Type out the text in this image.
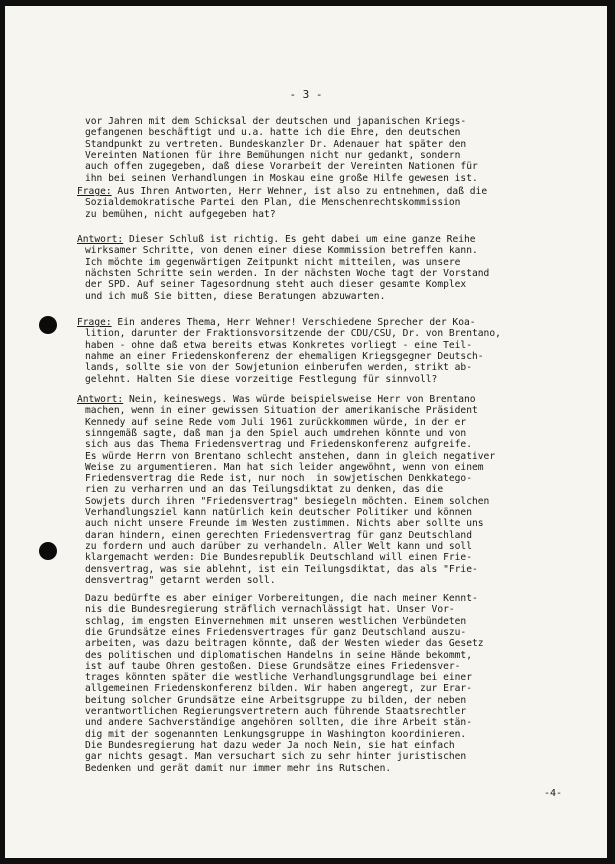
- 3 -
vor Jahren mit dem Schicksal der deutschen und japanischen Kriegs-
gefangenen beschäftigt und u.a. hatte ich die Ehre, den deutschen
Standpunkt zu vertreten. Bundeskanzler Dr. Adenauer hat später den
Vereinten Nationen für ihre Bemühungen nicht nur gedankt, sondern
auch offen zugegeben, daß diese Vorarbeit der Vereinten Nationen für
ihn bei seinen Verhandlungen in Moskau eine große Hilfe gewesen ist.
Frage: Aus Ihren Antworten, Herr Wehner, ist also zu entnehmen, daß die
Sozialdemokratische Partei den Plan, die Menschenrechtskommission
zu bemühen, nicht aufgegeben hat?
Antwort: Dieser Schluß ist richtig. Es geht dabei um eine ganze Reihe
wirksamer Schritte, von denen einer diese Kommission betreffen kann.
Ich möchte im gegenwärtigen Zeitpunkt nicht mitteilen, was unsere
nächsten Schritte sein werden. In der nächsten Woche tagt der Vorstand
der SPD. Auf seiner Tagesordnung steht auch dieser gesamte Komplex
und ich muß Sie bitten, diese Beratungen abzuwarten.
Frage: Ein anderes Thema, Herr Wehner! Verschiedene Sprecher der Koa-
lition, darunter der Fraktionsvorsitzende der CDU/CSU, Dr. von Brentano,
haben - ohne daß etwa bereits etwas Konkretes vorliegt - eine Teil-
nahme an einer Friedenskonferenz der ehemaligen Kriegsgegner Deutsch-
lands, sollte sie von der Sowjetunion einberufen werden, strikt ab-
gelehnt. Halten Sie diese vorzeitige Festlegung für sinnvoll?
Antwort: Nein, keineswegs. Was würde beispielsweise Herr von Brentano
machen, wenn in einer gewissen Situation der amerikanische Präsident
Kennedy auf seine Rede vom Juli 1961 zurückkommen würde, in der er
sinngemäß sagte, daß man ja den Spiel auch umdrehen könnte und von
sich aus das Thema Friedensvertrag und Friedenskonferenz aufgreife.
Es würde Herrn von Brentano schlecht anstehen, dann in gleich negativer
Weise zu argumentieren. Man hat sich leider angewöhnt, wenn von einem
Friedensvertrag die Rede ist, nur noch  in sowjetischen Denkkatego-
rien zu verharren und an das Teilungsdiktat zu denken, das die
Sowjets durch ihren "Friedensvertrag" besiegeln möchten. Einem solchen
Verhandlungsziel kann natürlich kein deutscher Politiker und können
auch nicht unsere Freunde im Westen zustimmen. Nichts aber sollte uns
daran hindern, einen gerechten Friedensvertrag für ganz Deutschland
zu fordern und auch darüber zu verhandeln. Aller Welt kann und soll
klargemacht werden: Die Bundesrepublik Deutschland will einen Frie-
densvertrag, was sie ablehnt, ist ein Teilungsdiktat, das als "Frie-
densvertrag" getarnt werden soll.
Dazu bedürfte es aber einiger Vorbereitungen, die nach meiner Kennt-
nis die Bundesregierung sträflich vernachlässigt hat. Unser Vor-
schlag, im engsten Einvernehmen mit unseren westlichen Verbündeten
die Grundsätze eines Friedensvertrages für ganz Deutschland auszu-
arbeiten, was dazu beitragen könnte, daß der Westen wieder das Gesetz
des politischen und diplomatischen Handelns in seine Hände bekommt,
ist auf taube Ohren gestoßen. Diese Grundsätze eines Friedensver-
trages könnten später die westliche Verhandlungsgrundlage bei einer
allgemeinen Friedenskonferenz bilden. Wir haben angeregt, zur Erar-
beitung solcher Grundsätze eine Arbeitsgruppe zu bilden, der neben
verantwortlichen Regierungsvertretern auch führende Staatsrechtler
und andere Sachverständige angehören sollten, die ihre Arbeit stän-
dig mit der sogenannten Lenkungsgruppe in Washington koordinieren.
Die Bundesregierung hat dazu weder Ja noch Nein, sie hat einfach
gar nichts gesagt. Man versuchart sich zu sehr hinter juristischen
Bedenken und gerät damit nur immer mehr ins Rutschen.
-4-
